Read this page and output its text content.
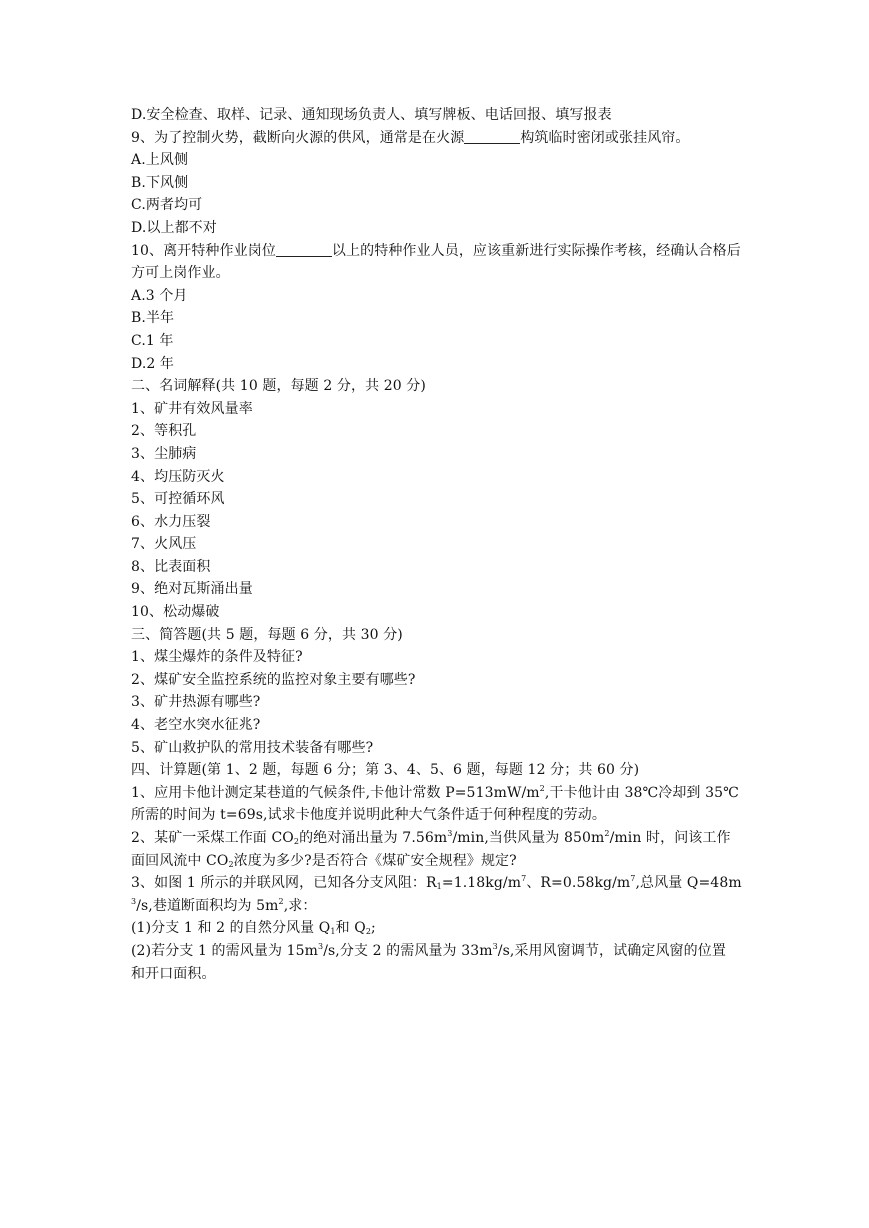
D.安全检查、取样、记录、通知现场负责人、填写牌板、电话回报、填写报表
9、为了控制火势，截断向火源的供风，通常是在火源	构筑临时密闭或张挂风帘。
A.上风侧
B.下风侧
C.两者均可
D.以上都不对
10、离开特种作业岗位	以上的特种作业人员，应该重新进行实际操作考核，经确认合格后方可上岗作业。
A.3 个月
B.半年
C.1 年
D.2 年
二、名词解释(共 10 题，每题 2 分，共 20 分)
1、矿井有效风量率
2、等积孔
3、尘肺病
4、均压防灭火
5、可控循环风
6、水力压裂
7、火风压
8、比表面积
9、绝对瓦斯涌出量
10、松动爆破
三、简答题(共 5 题，每题 6 分，共 30 分)
1、煤尘爆炸的条件及特征?
2、煤矿安全监控系统的监控对象主要有哪些?
3、矿井热源有哪些?
4、老空水突水征兆?
5、矿山救护队的常用技术装备有哪些?
四、计算题(第 1、2 题，每题 6 分；第 3、4、5、6 题，每题 12 分；共 60 分)
1、应用卡他计测定某巷道的气候条件,卡他计常数 $P=513mW/m^2$,干卡他计由 38℃冷却到 35℃所需的时间为 t=69s,试求卡他度并说明此种大气条件适于何种程度的劳动。
2、某矿一采煤工作面 $CO_2$的绝对涌出量为 $7.56m^3/\min$,当供风量为 $850m^2/\min$ 时，问该工作面回风流中 $CO_2$浓度为多少?是否符合《煤矿安全规程》规定?
3、如图 1 所示的并联风网，已知各分支风阻：$R_1=1.18kg/m^7$、$R=0.58kg/m^7$,总风量 $Q=48m^3/s$,巷道断面积均为 $5m^2$,求：
(1)分支 1 和 2 的自然分风量 $Q_1$和 $Q_2$;
(2)若分支 1 的需风量为 $15m^3/s$,分支 2 的需风量为 $33m^3/s$,采用风窗调节，试确定风窗的位置
和开口面积。
